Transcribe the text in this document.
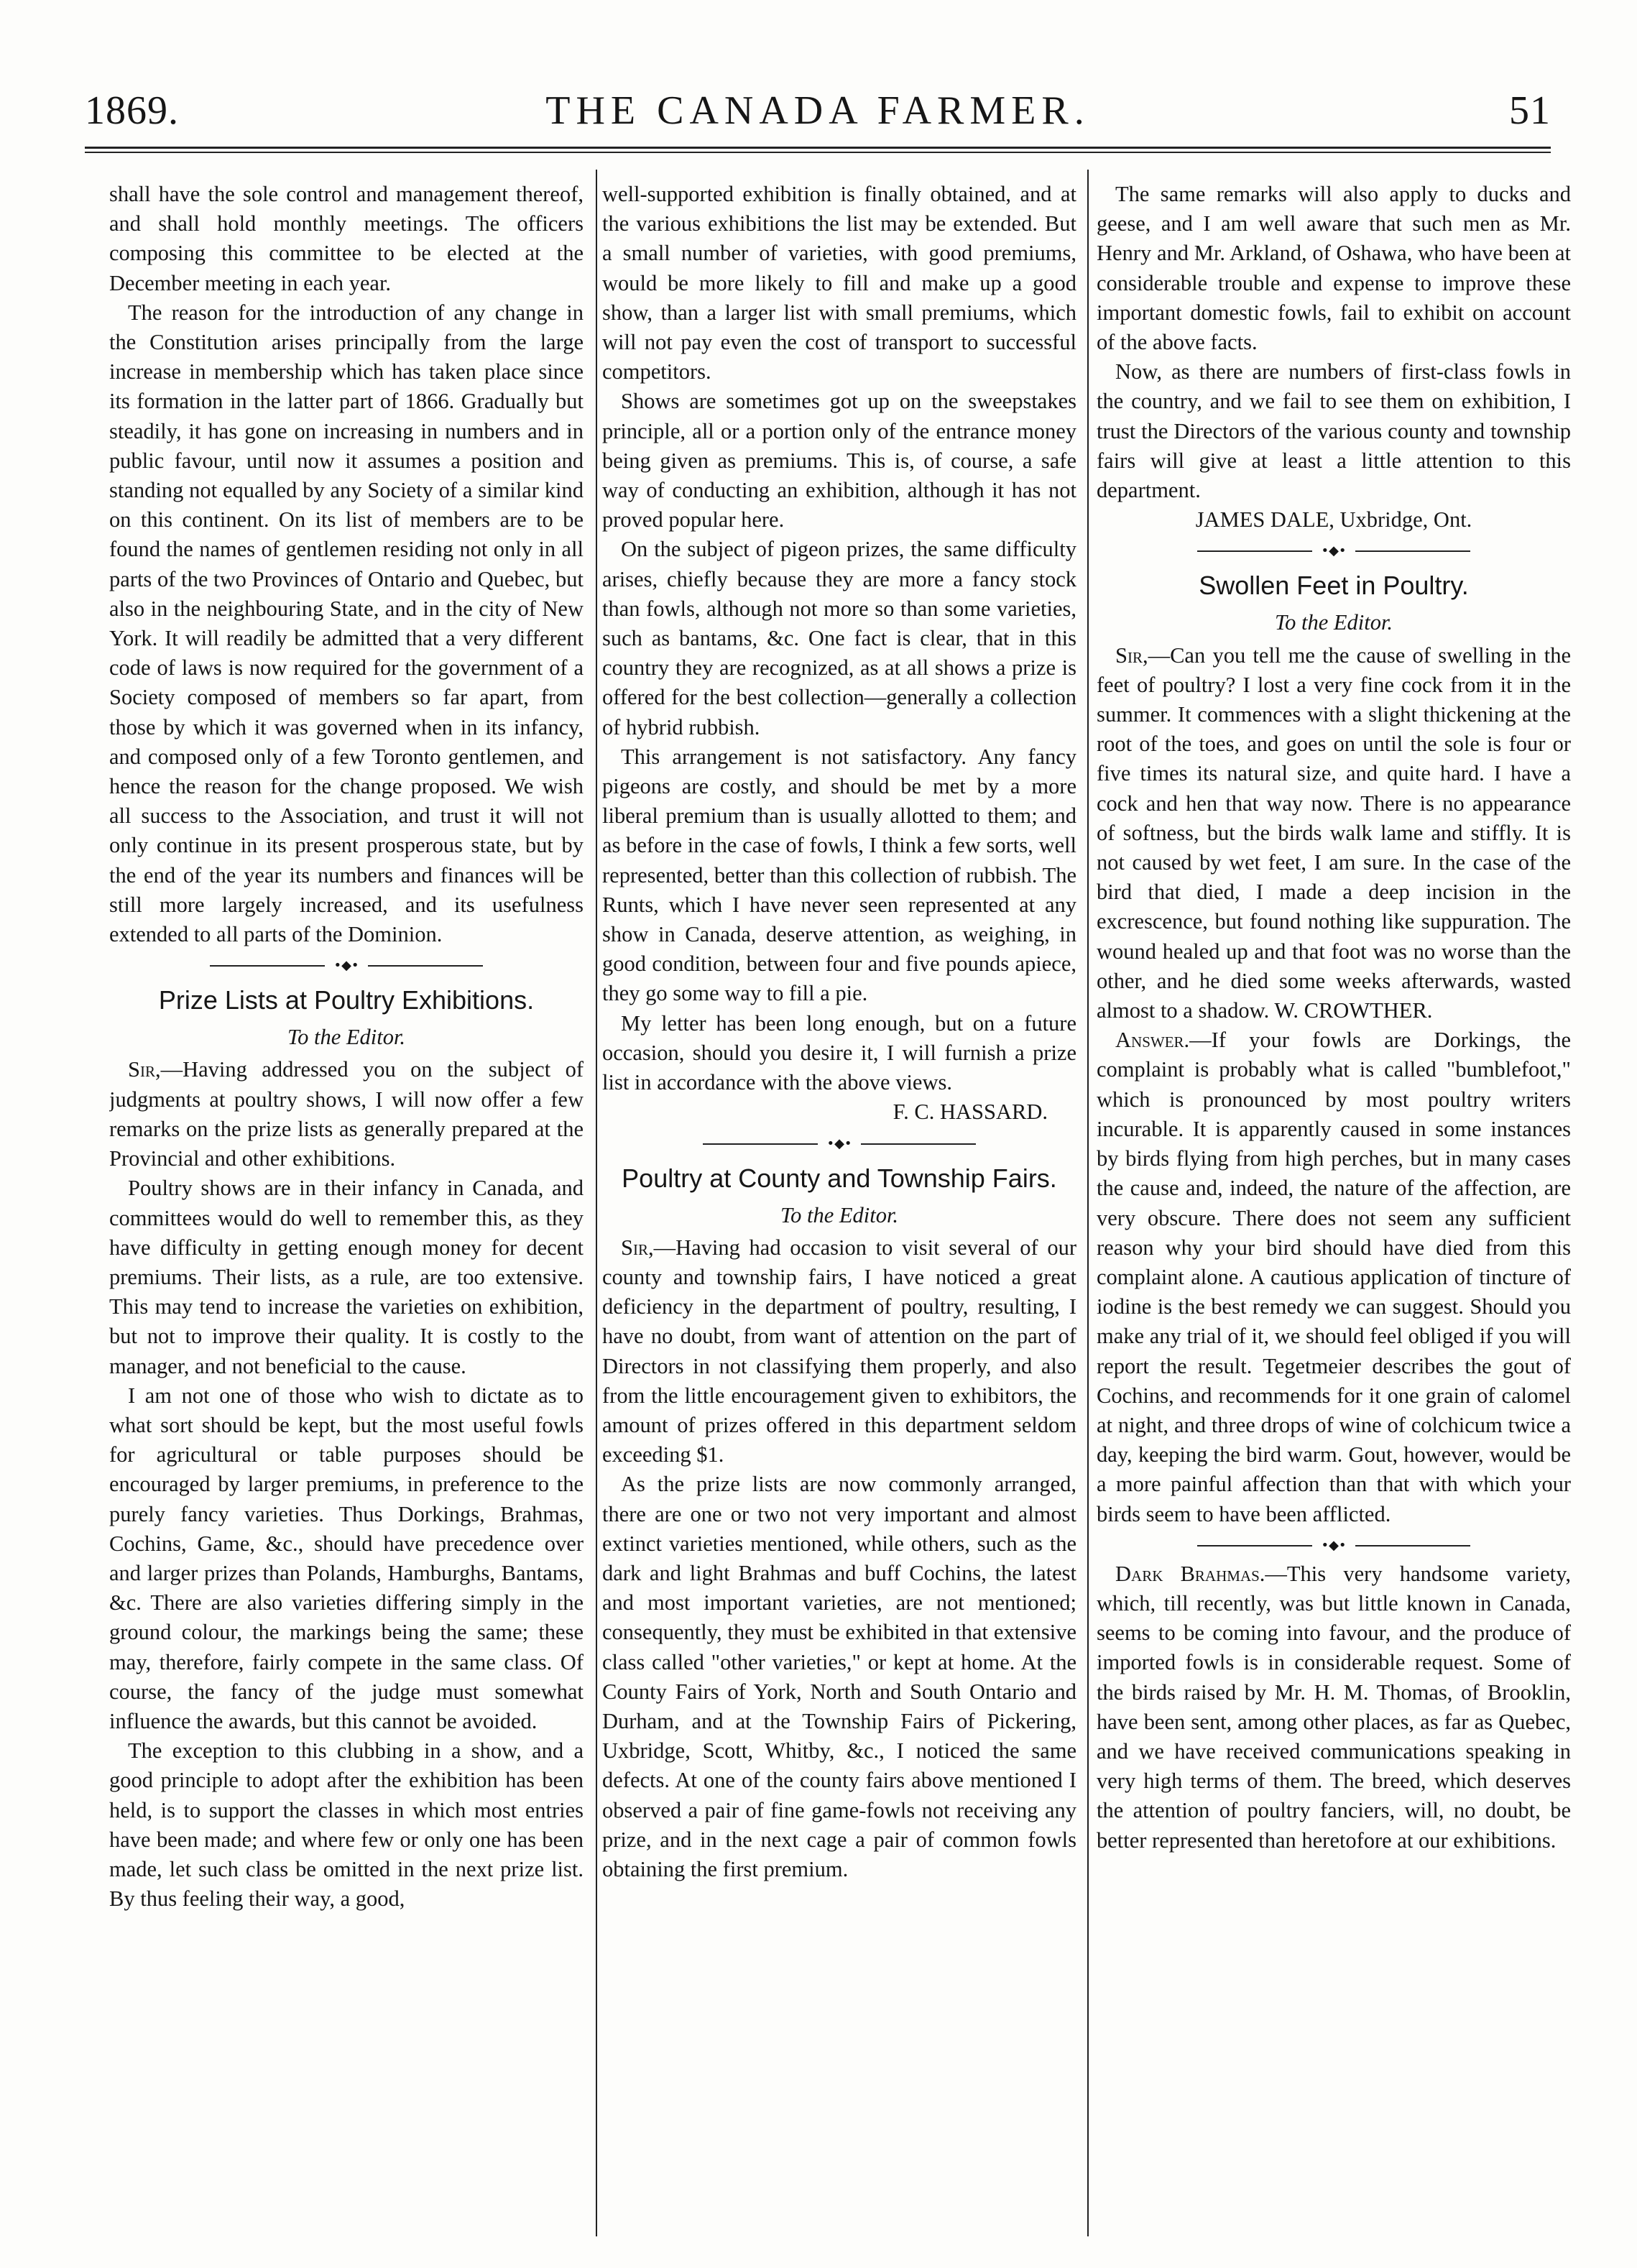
1869.	THE CANADA FARMER.	51

shall have the sole control and management thereof, and shall hold monthly meetings. The officers composing this committee to be elected at the December meeting in each year.

The reason for the introduction of any change in the Constitution arises principally from the large increase in membership which has taken place since its formation in the latter part of 1866. Gradually but steadily, it has gone on increasing in numbers and in public favour, until now it assumes a position and standing not equalled by any Society of a similar kind on this continent. On its list of members are to be found the names of gentlemen residing not only in all parts of the two Provinces of Ontario and Quebec, but also in the neighbouring State, and in the city of New York. It will readily be admitted that a very different code of laws is now required for the government of a Society composed of members so far apart, from those by which it was governed when in its infancy, and composed only of a few Toronto gentlemen, and hence the reason for the change proposed. We wish all success to the Association, and trust it will not only continue in its present prosperous state, but by the end of the year its numbers and finances will be still more largely increased, and its usefulness extended to all parts of the Dominion.

•◆•
Prize Lists at Poultry Exhibitions.
To the Editor.

Sir,—Having addressed you on the subject of judgments at poultry shows, I will now offer a few remarks on the prize lists as generally prepared at the Provincial and other exhibitions.

Poultry shows are in their infancy in Canada, and committees would do well to remember this, as they have difficulty in getting enough money for decent premiums. Their lists, as a rule, are too extensive. This may tend to increase the varieties on exhibition, but not to improve their quality. It is costly to the manager, and not beneficial to the cause.

I am not one of those who wish to dictate as to what sort should be kept, but the most useful fowls for agricultural or table purposes should be encouraged by larger premiums, in preference to the purely fancy varieties. Thus Dorkings, Brahmas, Cochins, Game, &c., should have precedence over and larger prizes than Polands, Hamburghs, Bantams, &c. There are also varieties differing simply in the ground colour, the markings being the same; these may, therefore, fairly compete in the same class. Of course, the fancy of the judge must somewhat influence the awards, but this cannot be avoided.

The exception to this clubbing in a show, and a good principle to adopt after the exhibition has been held, is to support the classes in which most entries have been made; and where few or only one has been made, let such class be omitted in the next prize list. By thus feeling their way, a good,

well-supported exhibition is finally obtained, and at the various exhibitions the list may be extended. But a small number of varieties, with good premiums, would be more likely to fill and make up a good show, than a larger list with small premiums, which will not pay even the cost of transport to successful competitors.

Shows are sometimes got up on the sweepstakes principle, all or a portion only of the entrance money being given as premiums. This is, of course, a safe way of conducting an exhibition, although it has not proved popular here.

On the subject of pigeon prizes, the same difficulty arises, chiefly because they are more a fancy stock than fowls, although not more so than some varieties, such as bantams, &c. One fact is clear, that in this country they are recognized, as at all shows a prize is offered for the best collection—generally a collection of hybrid rubbish.

This arrangement is not satisfactory. Any fancy pigeons are costly, and should be met by a more liberal premium than is usually allotted to them; and as before in the case of fowls, I think a few sorts, well represented, better than this collection of rubbish. The Runts, which I have never seen represented at any show in Canada, deserve attention, as weighing, in good condition, between four and five pounds apiece, they go some way to fill a pie.

My letter has been long enough, but on a future occasion, should you desire it, I will furnish a prize list in accordance with the above views.

F. C. HASSARD.

•◆•
Poultry at County and Township Fairs.
To the Editor.

Sir,—Having had occasion to visit several of our county and township fairs, I have noticed a great deficiency in the department of poultry, resulting, I have no doubt, from want of attention on the part of Directors in not classifying them properly, and also from the little encouragement given to exhibitors, the amount of prizes offered in this department seldom exceeding $1.

As the prize lists are now commonly arranged, there are one or two not very important and almost extinct varieties mentioned, while others, such as the dark and light Brahmas and buff Cochins, the latest and most important varieties, are not mentioned; consequently, they must be exhibited in that extensive class called "other varieties," or kept at home. At the County Fairs of York, North and South Ontario and Durham, and at the Township Fairs of Pickering, Uxbridge, Scott, Whitby, &c., I noticed the same defects. At one of the county fairs above mentioned I observed a pair of fine game-fowls not receiving any prize, and in the next cage a pair of common fowls obtaining the first premium.

The same remarks will also apply to ducks and geese, and I am well aware that such men as Mr. Henry and Mr. Arkland, of Oshawa, who have been at considerable trouble and expense to improve these important domestic fowls, fail to exhibit on account of the above facts.

Now, as there are numbers of first-class fowls in the country, and we fail to see them on exhibition, I trust the Directors of the various county and township fairs will give at least a little attention to this department.

JAMES DALE, Uxbridge, Ont.

•◆•
Swollen Feet in Poultry.
To the Editor.

Sir,—Can you tell me the cause of swelling in the feet of poultry? I lost a very fine cock from it in the summer. It commences with a slight thickening at the root of the toes, and goes on until the sole is four or five times its natural size, and quite hard. I have a cock and hen that way now. There is no appearance of softness, but the birds walk lame and stiffly. It is not caused by wet feet, I am sure. In the case of the bird that died, I made a deep incision in the excrescence, but found nothing like suppuration. The wound healed up and that foot was no worse than the other, and he died some weeks afterwards, wasted almost to a shadow. W. CROWTHER.

Answer.—If your fowls are Dorkings, the complaint is probably what is called "bumblefoot," which is pronounced by most poultry writers incurable. It is apparently caused in some instances by birds flying from high perches, but in many cases the cause and, indeed, the nature of the affection, are very obscure. There does not seem any sufficient reason why your bird should have died from this complaint alone. A cautious application of tincture of iodine is the best remedy we can suggest. Should you make any trial of it, we should feel obliged if you will report the result. Tegetmeier describes the gout of Cochins, and recommends for it one grain of calomel at night, and three drops of wine of colchicum twice a day, keeping the bird warm. Gout, however, would be a more painful affection than that with which your birds seem to have been afflicted.

•◆•

Dark Brahmas.—This very handsome variety, which, till recently, was but little known in Canada, seems to be coming into favour, and the produce of imported fowls is in considerable request. Some of the birds raised by Mr. H. M. Thomas, of Brooklin, have been sent, among other places, as far as Quebec, and we have received communications speaking in very high terms of them. The breed, which deserves the attention of poultry fanciers, will, no doubt, be better represented than heretofore at our exhibitions.
